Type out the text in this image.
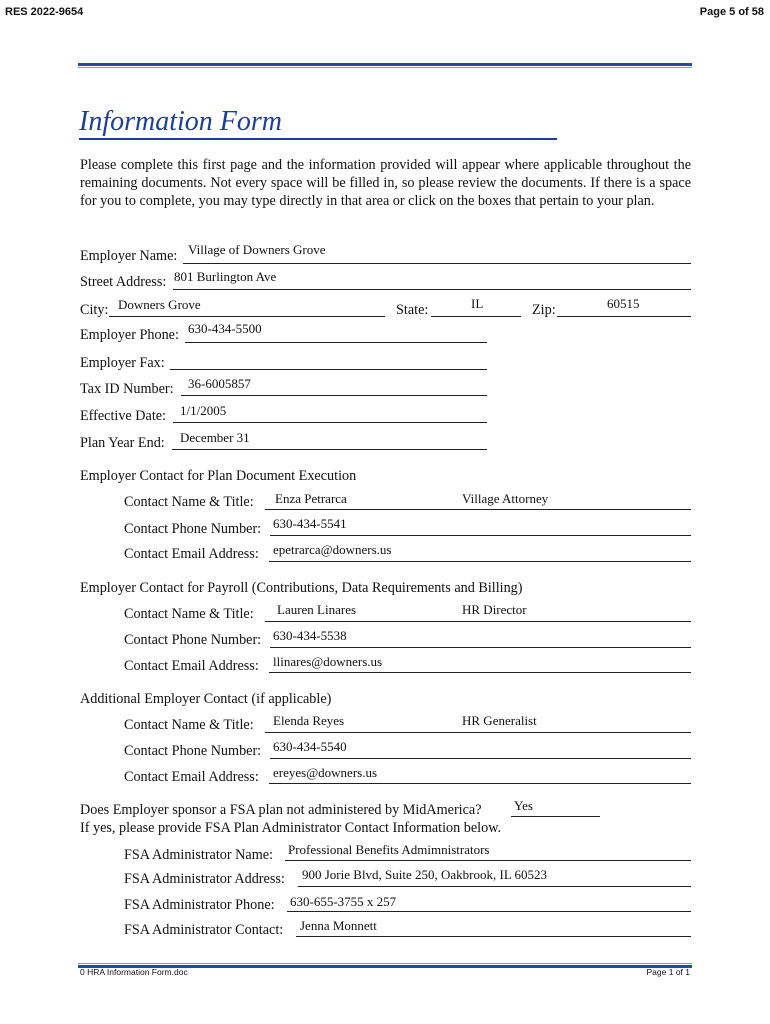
RES 2022-9654	Page 5 of 58
Information Form
Please complete this first page and the information provided will appear where applicable throughout the remaining documents. Not every space will be filled in, so please review the documents. If there is a space for you to complete, you may type directly in that area or click on the boxes that pertain to your plan.
Employer Name: Village of Downers Grove
Street Address: 801 Burlington Ave
City: Downers Grove	State:	IL	Zip:	60515
Employer Phone: 630-434-5500
Employer Fax:
Tax ID Number: 36-6005857
Effective Date: 1/1/2005
Plan Year End: December 31
Employer Contact for Plan Document Execution
Contact Name & Title: Enza Petrarca	Village Attorney
Contact Phone Number: 630-434-5541
Contact Email Address: epetrarca@downers.us
Employer Contact for Payroll (Contributions, Data Requirements and Billing)
Contact Name & Title: Lauren Linares	HR Director
Contact Phone Number: 630-434-5538
Contact Email Address: llinares@downers.us
Additional Employer Contact (if applicable)
Contact Name & Title: Elenda Reyes	HR Generalist
Contact Phone Number: 630-434-5540
Contact Email Address: ereyes@downers.us
Does Employer sponsor a FSA plan not administered by MidAmerica? Yes
If yes, please provide FSA Plan Administrator Contact Information below.
FSA Administrator Name: Professional Benefits Admimnistrators
FSA Administrator Address: 900 Jorie Blvd, Suite 250, Oakbrook, IL 60523
FSA Administrator Phone: 630-655-3755 x 257
FSA Administrator Contact: Jenna Monnett
0 HRA Information Form.doc	Page 1 of 1
